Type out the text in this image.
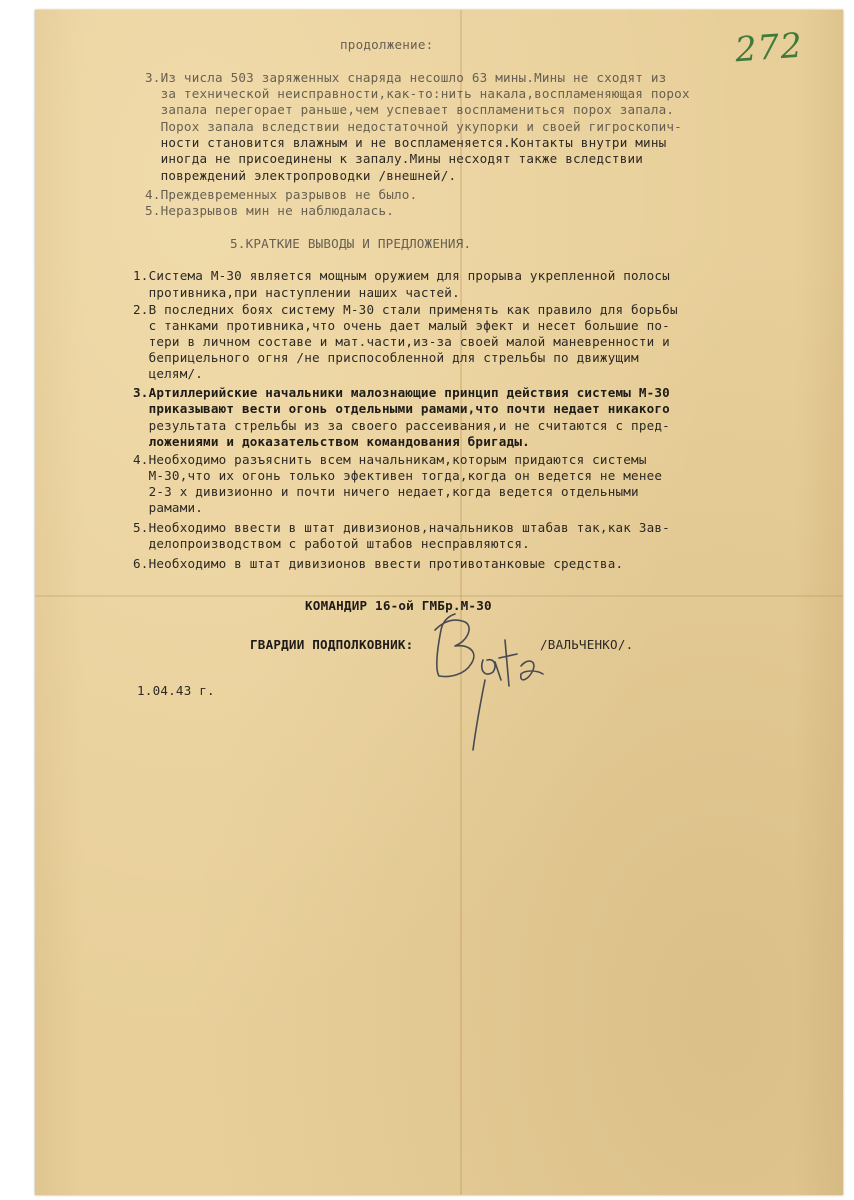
272
продолжение:
3.Из числа 503 заряженных снаряда несошло 63 мины.Мины не сходят из
за технической неисправности,как-то:нить накала,воспламеняющая порох
запала перегорает раньше,чем успевает воспламениться порох запала.
Порох запала вследствии недостаточной укупорки и своей гигроскопич-
ности становится влажным и не воспламеняется.Контакты внутри мины
иногда не присоединены к запалу.Мины несходят также вследствии
повреждений электропроводки /внешней/.
4.Преждевременных разрывов не было.
5.Неразрывов мин не наблюдалась.
5.КРАТКИЕ ВЫВОДЫ И ПРЕДЛОЖЕНИЯ.
1.Система М-30 является мощным оружием для прорыва укрепленной полосы
противника,при наступлении наших частей.
2.В последних боях систему М-30 стали применять как правило для борьбы
с танками противника,что очень дает малый эфект и несет большие по-
тери в личном составе и мат.части,из-за своей малой маневренности и
беприцельного огня /не приспособленной для стрельбы по движущим
целям/.
3.Артиллерийские начальники малознающие принцип действия системы М-30
приказывают вести огонь отдельными рамами,что почти недает никакого
результата стрельбы из за своего рассеивания,и не считаются с пред-
ложениями и доказательством командования бригады.
4.Необходимо разъяснить всем начальникам,которым придаются системы
М-30,что их огонь только эфективен тогда,когда он ведется не менее
2-3 х дивизионно и почти ничего недает,когда ведется отдельными
рамами.
5.Необходимо ввести в штат дивизионов,начальников штабав так,как Зав-
делопроизводством с работой штабов несправляются.
6.Необходимо в штат дивизионов ввести противотанковые средства.
КОМАНДИР 16-ой ГМБр.М-30
ГВАРДИИ ПОДПОЛКОВНИК:	/ВАЛЬЧЕНКО/.
1.04.43 г.
